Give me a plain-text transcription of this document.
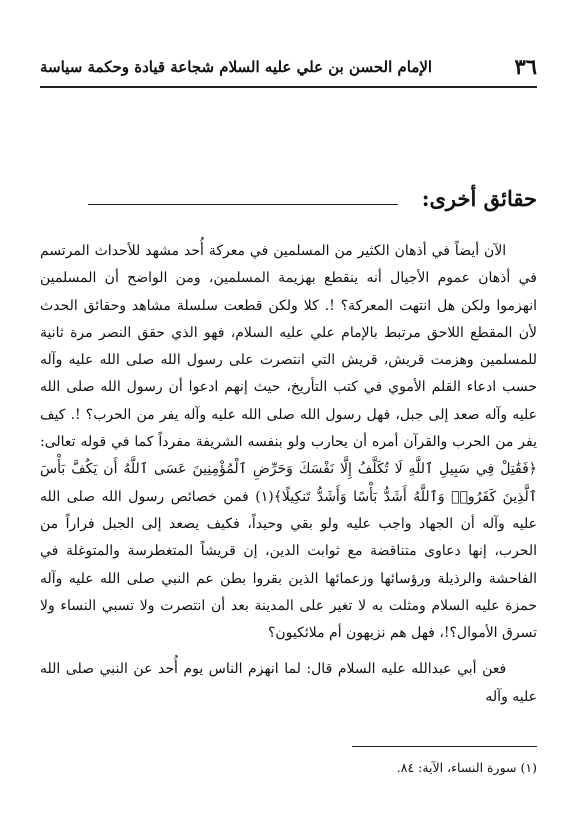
٣٦
الإمام الحسن بن علي عليه السلام شجاعة قيادة وحكمة سياسة
حقائق أخرى:

الآن أيضاً في أذهان الكثير من المسلمين في معركة أُحد مشهد للأحداث المرتسم في أذهان عموم الأجيال أنه ينقطع بهزيمة المسلمين، ومن الواضح أن المسلمين انهزموا ولكن هل انتهت المعركة؟ !. كلا ولكن قطعت سلسلة مشاهد وحقائق الحدث لأن المقطع اللاحق مرتبط بالإمام علي عليه السلام، فهو الذي حقق النصر مرة ثانية للمسلمين وهزمت قريش، قريش التي انتصرت على رسول الله صلى الله عليه وآله حسب ادعاء القلم الأموي في كتب التأريخ، حيث إنهم ادعوا أن رسول الله صلى الله عليه وآله صعد إلى جبل، فهل رسول الله صلى الله عليه وآله يفر من الحرب؟ !. كيف يفر من الحرب والقرآن أمره أن يحارب ولو بنفسه الشريفة مفرداً كما في قوله تعالى: ﴿فَقَٰتِلْ فِي سَبِيلِ ٱللَّهِ لَا تُكَلَّفُ إِلَّا نَفْسَكَ وَحَرِّضِ ٱلْمُؤْمِنِينَ عَسَى ٱللَّهُ أَن يَكُفَّ بَأْسَ ٱلَّذِينَ كَفَرُوا۟ وَٱللَّهُ أَشَدُّ بَأْسًا وَأَشَدُّ تَنكِيلًا﴾(١) فمن خصائص رسول الله صلى الله عليه وآله أن الجهاد واجب عليه ولو بقي وحيداً، فكيف يصعد إلى الجبل فراراً من الحرب، إنها دعاوى متناقضة مع ثوابت الدين، إن قريشاً المتغطرسة والمتوغلة في الفاحشة والرذيلة ورؤسائها وزعمائها الذين بقروا بطن عم النبي صلى الله عليه وآله حمزة عليه السلام ومثلت به لا تغير على المدينة بعد أن انتصرت ولا تسبي النساء ولا تسرق الأموال؟!، فهل هم نزيهون أم ملائكيون؟

فعن أبي عبدالله عليه السلام قال: لما انهزم الناس يوم أُحد عن النبي صلى الله عليه وآله

(١) سورة النساء، الآية: ٨٤.
